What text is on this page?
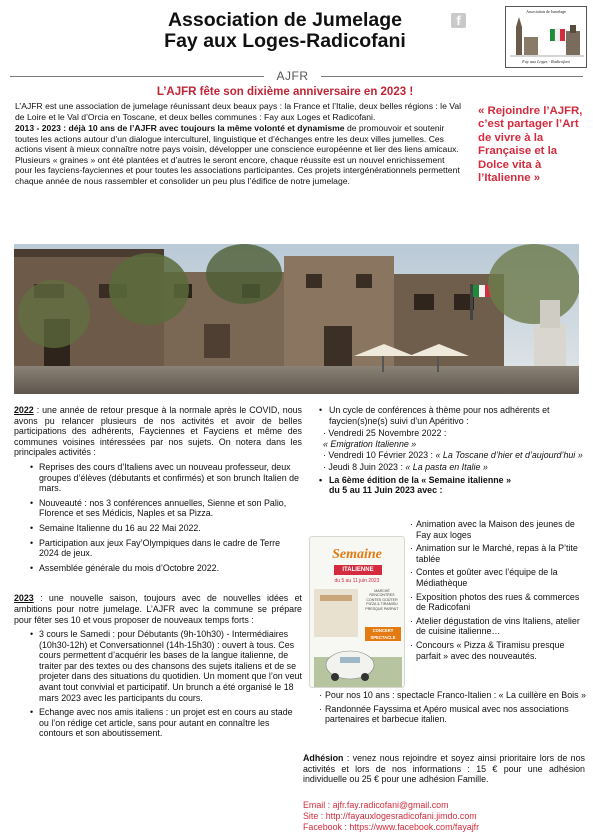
Association de Jumelage
Fay aux Loges-Radicofani
f
Association de Jumelage
Fay aux Loges - Radicofani
AJFR
L’AJFR fête son dixième anniversaire en 2023 !

L’AJFR est une association de jumelage réunissant deux beaux pays : la France et l’Italie, deux belles régions : le Val de Loire et le Val d’Orcia en Toscane, et deux belles communes : Fay aux Loges et Radicofani.

2013 - 2023 : déjà 10 ans de l’AJFR avec toujours la même volonté et dynamisme de promouvoir et soutenir toutes les actions autour d’un dialogue interculturel, linguistique et d’échanges entre les deux villes jumelles. Ces actions visent à mieux connaître notre pays voisin, développer une conscience européenne et lier des liens amicaux. Plusieurs « graines » ont été plantées et d’autres le seront encore, chaque réussite est un nouvel enrichissement pour les fayciens-fayciennes et pour toutes les associations participantes. Ces projets intergénérationnels permettent chaque année de nous rassembler et consolider un peu plus l’édifice de notre jumelage.

« Rejoindre l’AJFR, c’est partager l’Art de vivre à la Française et la Dolce vita à l’Italienne »

2022 : une année de retour presque à la normale après le COVID, nous avons pu relancer plusieurs de nos activités et avoir de belles participations des adhérents, Fayciennes et Fayciens et même des communes voisines intéressées par nos sujets. On notera dans les principales activités :

• Reprises des cours d’Italiens avec un nouveau professeur, deux groupes d’élèves (débutants et confirmés) et son brunch Italien de mars.
• Nouveauté : nos 3 conférences annuelles, Sienne et son Palio, Florence et ses Médicis, Naples et sa Pizza.
• Semaine Italienne du 16 au 22 Mai 2022.
• Participation aux jeux Fay’Olympiques dans le cadre de Terre 2024 de jeux.
• Assemblée générale du mois d’Octobre 2022.

2023 : une nouvelle saison, toujours avec de nouvelles idées et ambitions pour notre jumelage. L’AJFR avec la commune se prépare pour fêter ses 10 et vous proposer de nouveaux temps forts :

• 3 cours le Samedi : pour Débutants (9h-10h30) - Intermédiaires (10h30-12h) et Conversationnel (14h-15h30) : ouvert à tous. Ces cours permettent d’acquérir les bases de la langue italienne, de traiter par des textes ou des chansons des sujets italiens et de se projeter dans des situations du quotidien. Un moment que l’on veut avant tout convivial et participatif. Un brunch a été organisé le 18 mars 2023 avec les participants du cours.
• Echange avec nos amis italiens : un projet est en cours au stade ou l’on rédige cet article, sans pour autant en connaître les contours et son aboutissement.
• Un cycle de conférences à thème pour nos adhérents et faycien(s)ne(s) suivi d’un Apéritivo :
· Vendredi 25 Novembre 2022 :
« Emigration Italienne »
· Vendredi 10 Février 2023 : « La Toscane d’hier et d’aujourd’hui »
· Jeudi 8 Juin 2023 : « La pasta en Italie »
• La 6ème édition de la « Semaine italienne »
du 5 au 11 Juin 2023 avec :
Semaine
ITALIENNE
du 5 au 11 juin 2023
MARCHÉ RENCONTRES CONTES GOÛTER PIZZA & TIRAMISU PRESQUE PARFAIT
CONCERT SPECTACLE
· Animation avec la Maison des jeunes de Fay aux loges
· Animation sur le Marché, repas à la P’tite tablée
· Contes et goûter avec l’équipe de la Médiathèque
· Exposition photos des rues & commerces de Radicofani
· Atelier dégustation de vins Italiens, atelier de cuisine italienne…
· Concours « Pizza & Tiramisu presque parfait » avec des nouveautés.
· Pour nos 10 ans : spectacle Franco-Italien : « La cuillère en Bois »
· Randonnée Fayssima et Apéro musical avec nos associations partenaires et barbecue italien.
Adhésion : venez nous rejoindre et soyez ainsi prioritaire lors de nos activités et lors de nos informations : 15 € pour une adhésion individuelle ou 25 € pour une adhésion Famille.
Email : ajfr.fay.radicofani@gmail.com
Site : http://fayauxlogesradicofani.jimdo.com
Facebook : https://www.facebook.com/fayajfr
